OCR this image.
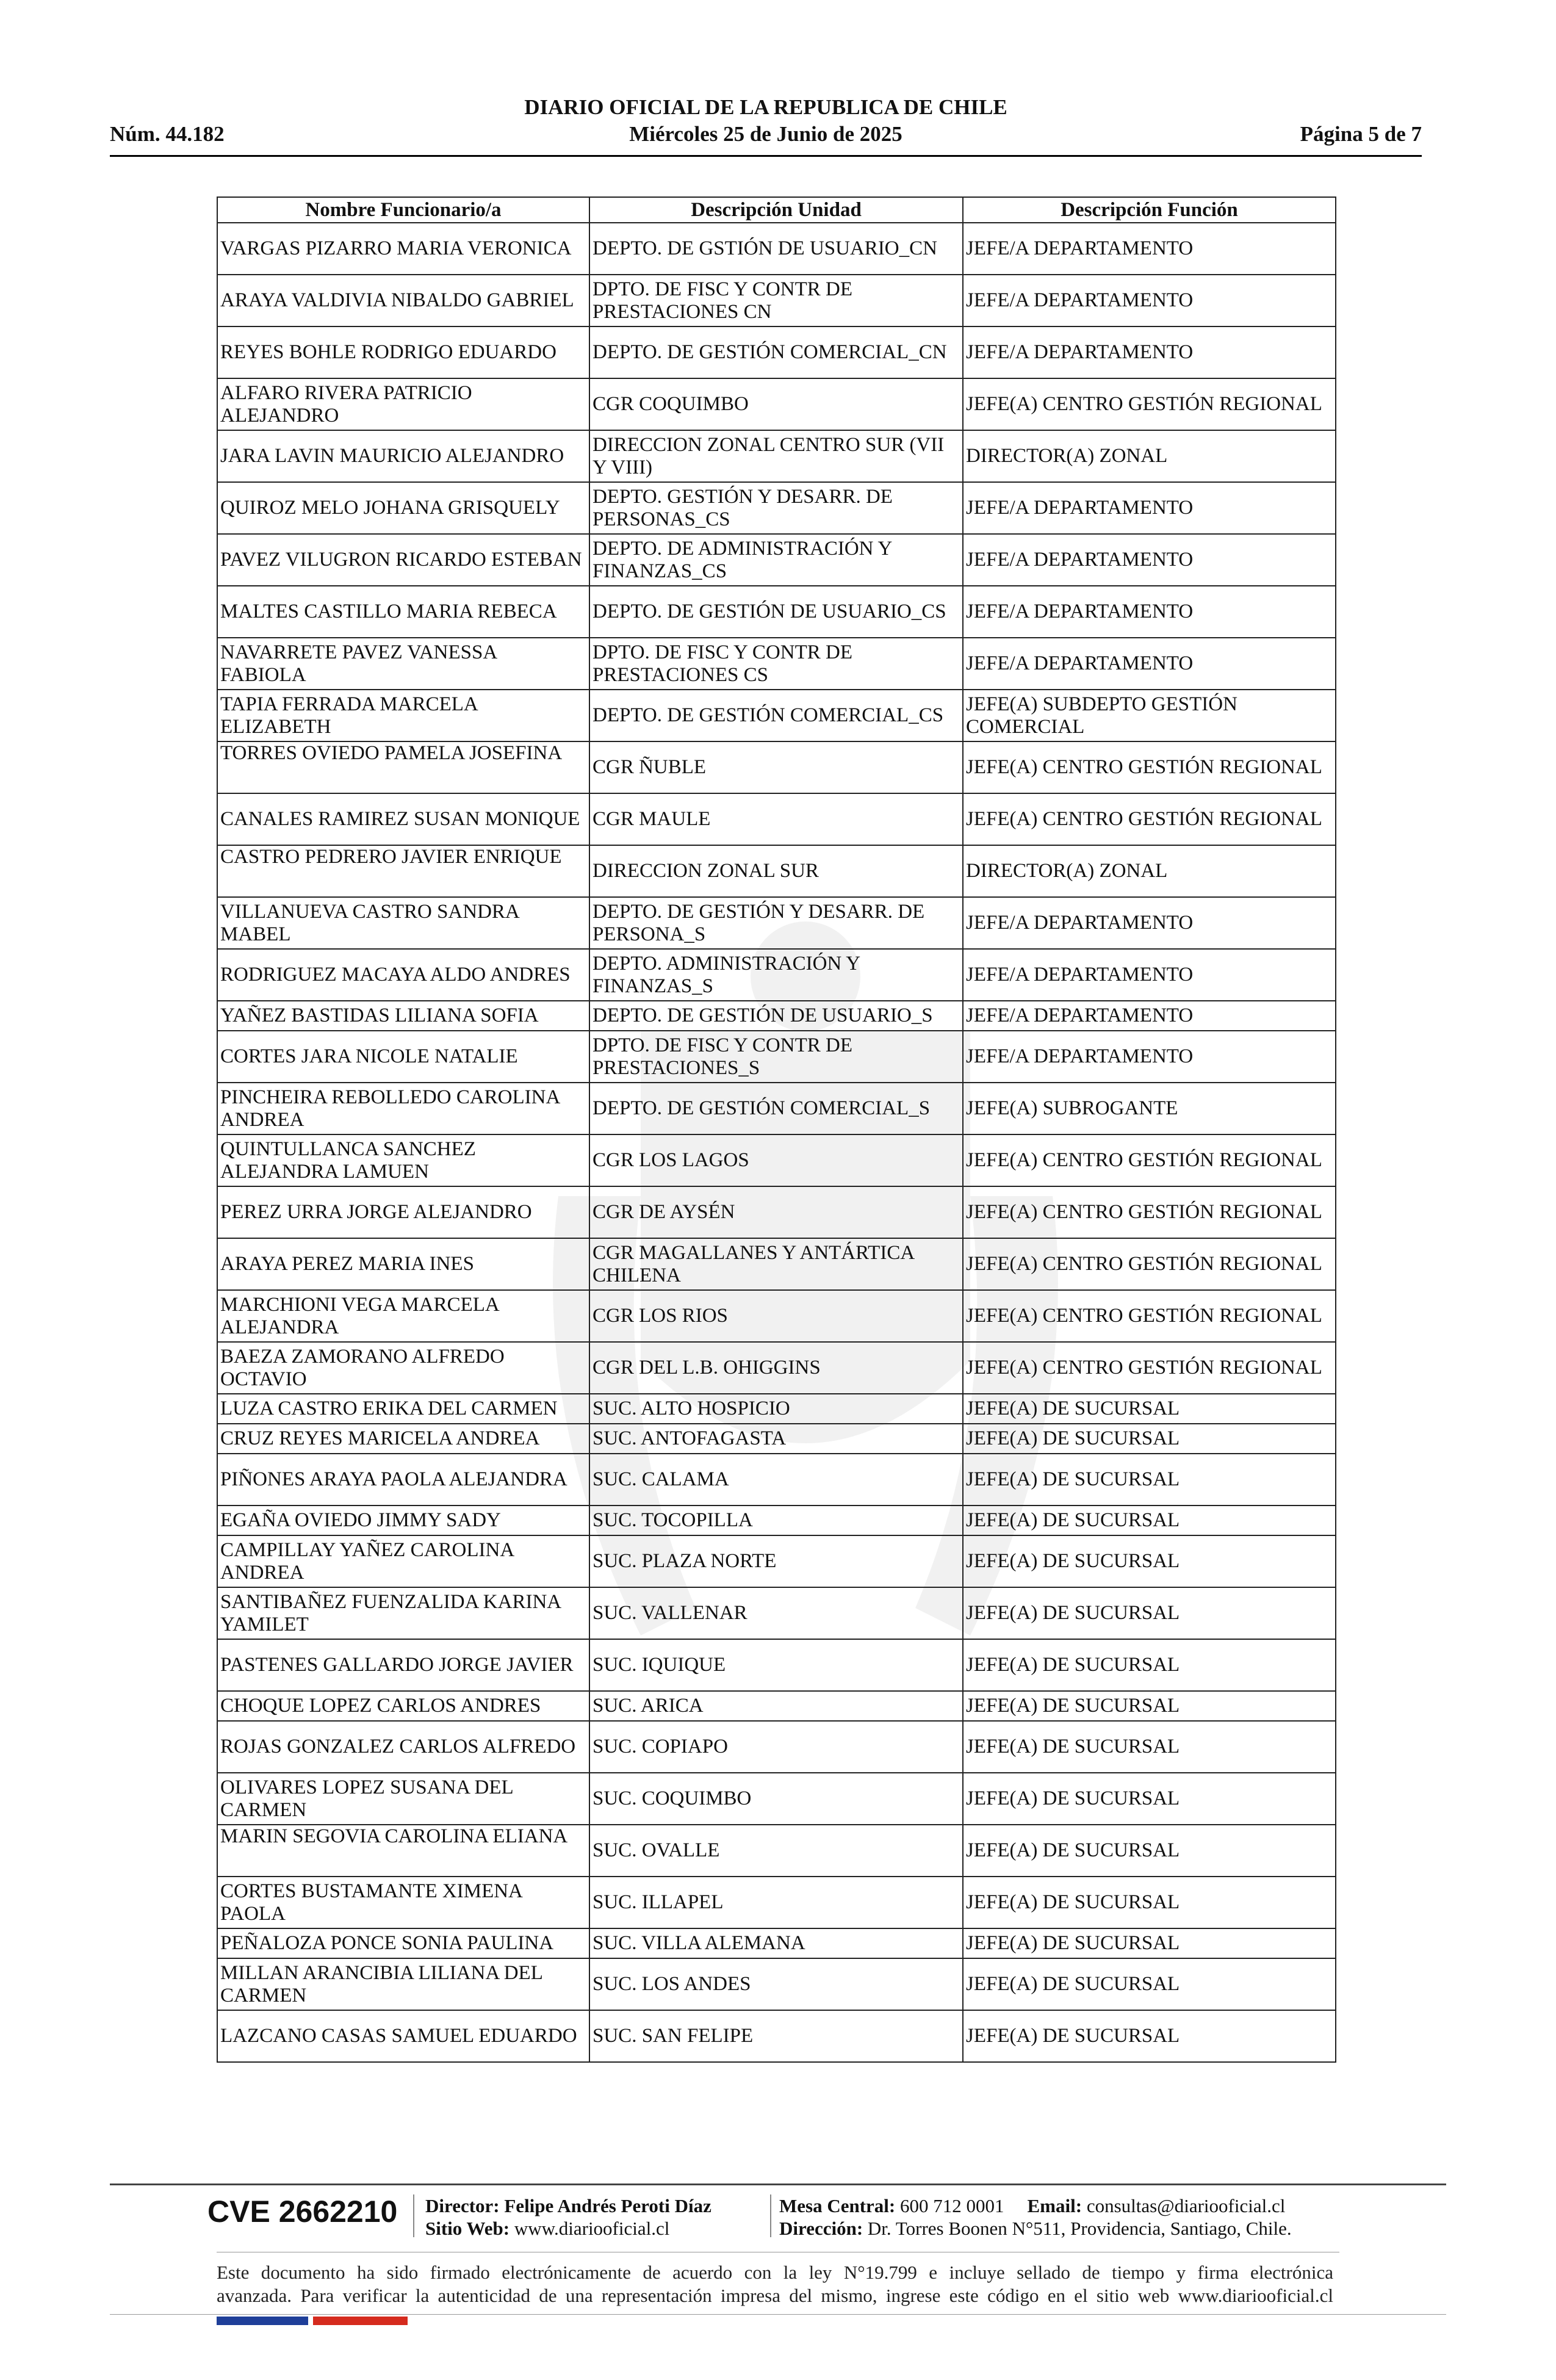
DIARIO OFICIAL DE LA REPUBLICA DE CHILE
Núm. 44.182	Miércoles 25 de Junio de 2025	Página 5 de 7
Nombre Funcionario/a	Descripción Unidad	Descripción Función
VARGAS PIZARRO MARIA VERONICA	DEPTO. DE GSTIÓN DE USUARIO_CN	JEFE/A DEPARTAMENTO
ARAYA VALDIVIA NIBALDO GABRIEL	DPTO. DE FISC Y CONTR DE PRESTACIONES CN	JEFE/A DEPARTAMENTO
REYES BOHLE RODRIGO EDUARDO	DEPTO. DE GESTIÓN COMERCIAL_CN	JEFE/A DEPARTAMENTO
ALFARO RIVERA PATRICIO ALEJANDRO	CGR COQUIMBO	JEFE(A) CENTRO GESTIÓN REGIONAL
JARA LAVIN MAURICIO ALEJANDRO	DIRECCION ZONAL CENTRO SUR (VII Y VIII)	DIRECTOR(A) ZONAL
QUIROZ MELO JOHANA GRISQUELY	DEPTO. GESTIÓN Y DESARR. DE PERSONAS_CS	JEFE/A DEPARTAMENTO
PAVEZ VILUGRON RICARDO ESTEBAN	DEPTO. DE ADMINISTRACIÓN Y FINANZAS_CS	JEFE/A DEPARTAMENTO
MALTES CASTILLO MARIA REBECA	DEPTO. DE GESTIÓN DE USUARIO_CS	JEFE/A DEPARTAMENTO
NAVARRETE PAVEZ VANESSA FABIOLA	DPTO. DE FISC Y CONTR DE PRESTACIONES CS	JEFE/A DEPARTAMENTO
TAPIA FERRADA MARCELA ELIZABETH	DEPTO. DE GESTIÓN COMERCIAL_CS	JEFE(A) SUBDEPTO GESTIÓN COMERCIAL
TORRES OVIEDO PAMELA JOSEFINA	CGR ÑUBLE	JEFE(A) CENTRO GESTIÓN REGIONAL
CANALES RAMIREZ SUSAN MONIQUE	CGR MAULE	JEFE(A) CENTRO GESTIÓN REGIONAL
CASTRO PEDRERO JAVIER ENRIQUE	DIRECCION ZONAL SUR	DIRECTOR(A) ZONAL
VILLANUEVA CASTRO SANDRA MABEL	DEPTO. DE GESTIÓN Y DESARR. DE PERSONA_S	JEFE/A DEPARTAMENTO
RODRIGUEZ MACAYA ALDO ANDRES	DEPTO. ADMINISTRACIÓN Y FINANZAS_S	JEFE/A DEPARTAMENTO
YAÑEZ BASTIDAS LILIANA SOFIA	DEPTO. DE GESTIÓN DE USUARIO_S	JEFE/A DEPARTAMENTO
CORTES JARA NICOLE NATALIE	DPTO. DE FISC Y CONTR DE PRESTACIONES_S	JEFE/A DEPARTAMENTO
PINCHEIRA REBOLLEDO CAROLINA ANDREA	DEPTO. DE GESTIÓN COMERCIAL_S	JEFE(A) SUBROGANTE
QUINTULLANCA SANCHEZ ALEJANDRA LAMUEN	CGR LOS LAGOS	JEFE(A) CENTRO GESTIÓN REGIONAL
PEREZ URRA JORGE ALEJANDRO	CGR DE AYSÉN	JEFE(A) CENTRO GESTIÓN REGIONAL
ARAYA PEREZ MARIA INES	CGR MAGALLANES Y ANTÁRTICA CHILENA	JEFE(A) CENTRO GESTIÓN REGIONAL
MARCHIONI VEGA MARCELA ALEJANDRA	CGR LOS RIOS	JEFE(A) CENTRO GESTIÓN REGIONAL
BAEZA ZAMORANO ALFREDO OCTAVIO	CGR DEL L.B. OHIGGINS	JEFE(A) CENTRO GESTIÓN REGIONAL
LUZA CASTRO ERIKA DEL CARMEN	SUC. ALTO HOSPICIO	JEFE(A) DE SUCURSAL
CRUZ REYES MARICELA ANDREA	SUC. ANTOFAGASTA	JEFE(A) DE SUCURSAL
PIÑONES ARAYA PAOLA ALEJANDRA	SUC. CALAMA	JEFE(A) DE SUCURSAL
EGAÑA OVIEDO JIMMY SADY	SUC. TOCOPILLA	JEFE(A) DE SUCURSAL
CAMPILLAY YAÑEZ CAROLINA ANDREA	SUC. PLAZA NORTE	JEFE(A) DE SUCURSAL
SANTIBAÑEZ FUENZALIDA KARINA YAMILET	SUC. VALLENAR	JEFE(A) DE SUCURSAL
PASTENES GALLARDO JORGE JAVIER	SUC. IQUIQUE	JEFE(A) DE SUCURSAL
CHOQUE LOPEZ CARLOS ANDRES	SUC. ARICA	JEFE(A) DE SUCURSAL
ROJAS GONZALEZ CARLOS ALFREDO	SUC. COPIAPO	JEFE(A) DE SUCURSAL
OLIVARES LOPEZ SUSANA DEL CARMEN	SUC. COQUIMBO	JEFE(A) DE SUCURSAL
MARIN SEGOVIA CAROLINA ELIANA	SUC. OVALLE	JEFE(A) DE SUCURSAL
CORTES BUSTAMANTE XIMENA PAOLA	SUC. ILLAPEL	JEFE(A) DE SUCURSAL
PEÑALOZA PONCE SONIA PAULINA	SUC. VILLA ALEMANA	JEFE(A) DE SUCURSAL
MILLAN ARANCIBIA LILIANA DEL CARMEN	SUC. LOS ANDES	JEFE(A) DE SUCURSAL
LAZCANO CASAS SAMUEL EDUARDO	SUC. SAN FELIPE	JEFE(A) DE SUCURSAL
CVE 2662210 Director: Felipe Andrés Peroti Díaz
Sitio Web: www.diariooficial.cl
Mesa Central: 600 712 0001 Email: consultas@diariooficial.cl
Dirección: Dr. Torres Boonen N°511, Providencia, Santiago, Chile.
Este documento ha sido firmado electrónicamente de acuerdo con la ley N°19.799 e incluye sellado de tiempo y firma electrónica
avanzada. Para verificar la autenticidad de una representación impresa del mismo, ingrese este código en el sitio web www.diariooficial.cl
